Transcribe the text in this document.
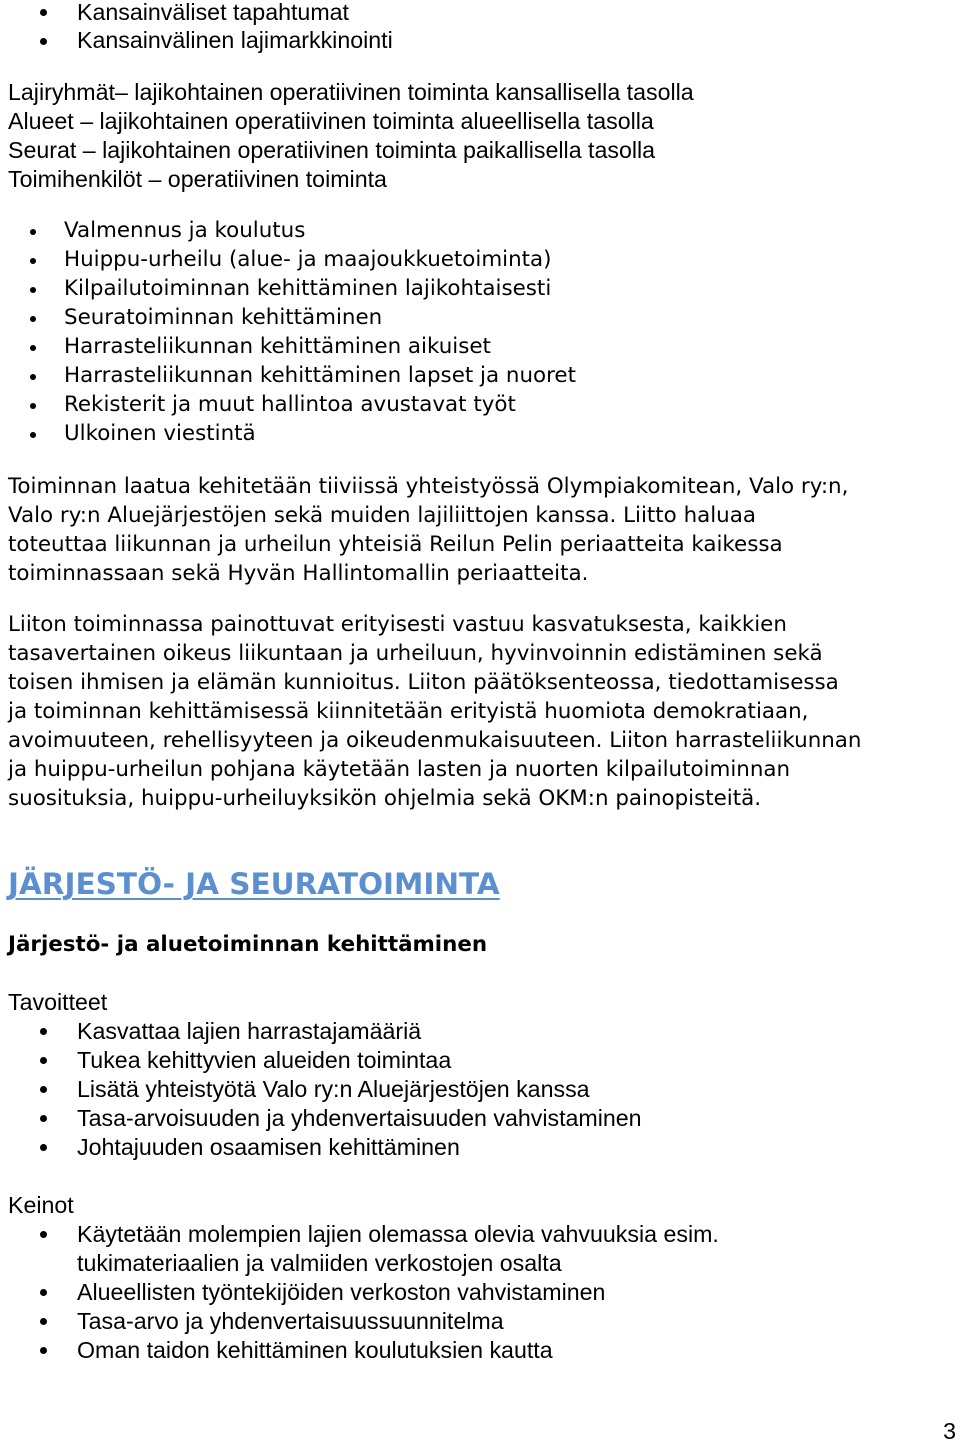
Kansainväliset tapahtumat
Kansainvälinen lajimarkkinointi
Lajiryhmät– lajikohtainen operatiivinen toiminta kansallisella tasolla
Alueet – lajikohtainen operatiivinen toiminta alueellisella tasolla
Seurat – lajikohtainen operatiivinen toiminta paikallisella tasolla
Toimihenkilöt – operatiivinen toiminta
Valmennus ja koulutus
Huippu-urheilu (alue- ja maajoukkuetoiminta)
Kilpailutoiminnan kehittäminen lajikohtaisesti
Seuratoiminnan kehittäminen
Harrasteliikunnan kehittäminen aikuiset
Harrasteliikunnan kehittäminen lapset ja nuoret
Rekisterit ja muut hallintoa avustavat työt
Ulkoinen viestintä
Toiminnan laatua kehitetään tiiviissä yhteistyössä Olympiakomitean, Valo ry:n,
Valo ry:n Aluejärjestöjen sekä muiden lajiliittojen kanssa. Liitto haluaa
toteuttaa liikunnan ja urheilun yhteisiä Reilun Pelin periaatteita kaikessa
toiminnassaan sekä Hyvän Hallintomallin periaatteita.
Liiton toiminnassa painottuvat erityisesti vastuu kasvatuksesta, kaikkien
tasavertainen oikeus liikuntaan ja urheiluun, hyvinvoinnin edistäminen sekä
toisen ihmisen ja elämän kunnioitus. Liiton päätöksenteossa, tiedottamisessa
ja toiminnan kehittämisessä kiinnitetään erityistä huomiota demokratiaan,
avoimuuteen, rehellisyyteen ja oikeudenmukaisuuteen. Liiton harrasteliikunnan
ja huippu-urheilun pohjana käytetään lasten ja nuorten kilpailutoiminnan
suosituksia, huippu-urheiluyksikön ohjelmia sekä OKM:n painopisteitä.
JÄRJESTÖ- JA SEURATOIMINTA
Järjestö- ja aluetoiminnan kehittäminen
Tavoitteet
Kasvattaa lajien harrastajamääriä
Tukea kehittyvien alueiden toimintaa
Lisätä yhteistyötä Valo ry:n Aluejärjestöjen kanssa
Tasa-arvoisuuden ja yhdenvertaisuuden vahvistaminen
Johtajuuden osaamisen kehittäminen
Keinot
Käytetään molempien lajien olemassa olevia vahvuuksia esim.
tukimateriaalien ja valmiiden verkostojen osalta
Alueellisten työntekijöiden verkoston vahvistaminen
Tasa-arvo ja yhdenvertaisuussuunnitelma
Oman taidon kehittäminen koulutuksien kautta
3
